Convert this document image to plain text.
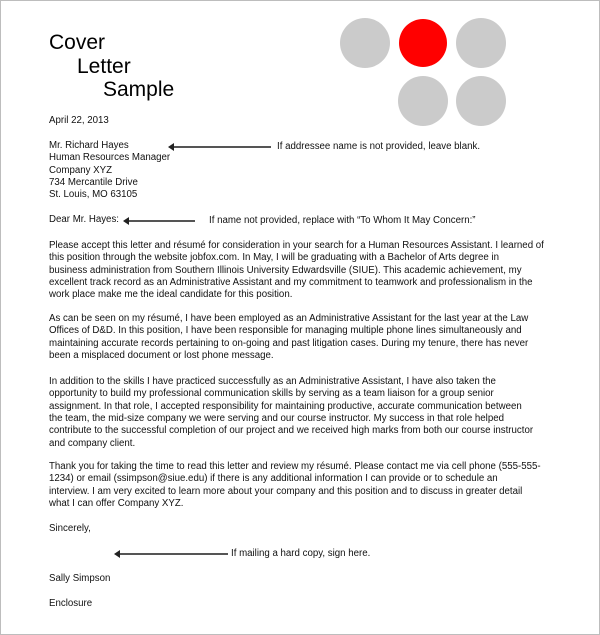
Cover
Letter
Sample
April 22, 2013
If addressee name is not provided, leave blank.
Dear Mr. Hayes:	If name not provided, replace with “To Whom It May Concern:”
Sincerely,
If mailing a hard copy, sign here.
Sally Simpson
Enclosure
Mr. Richard Hayes
Human Resources Manager
Company XYZ
734 Mercantile Drive
St. Louis, MO 63105
Please accept this letter and résumé for consideration in your search for a Human Resources Assistant. I learned of
this position through the website jobfox.com. In May, I will be graduating with a Bachelor of Arts degree in
business administration from Southern Illinois University Edwardsville (SIUE). This academic achievement, my
excellent track record as an Administrative Assistant and my commitment to teamwork and professionalism in the
work place make me the ideal candidate for this position.
As can be seen on my résumé, I have been employed as an Administrative Assistant for the last year at the Law
Offices of D&D. In this position, I have been responsible for managing multiple phone lines simultaneously and
maintaining accurate records pertaining to on-going and past litigation cases. During my tenure, there has never
been a misplaced document or lost phone message.
In addition to the skills I have practiced successfully as an Administrative Assistant, I have also taken the
opportunity to build my professional communication skills by serving as a team liaison for a group senior
assignment. In that role, I accepted responsibility for maintaining productive, accurate communication between
the team, the mid-size company we were serving and our course instructor. My success in that role helped
contribute to the successful completion of our project and we received high marks from both our course instructor
and company client.
Thank you for taking the time to read this letter and review my résumé. Please contact me via cell phone (555-555-
1234) or email (ssimpson@siue.edu) if there is any additional information I can provide or to schedule an
interview. I am very excited to learn more about your company and this position and to discuss in greater detail
what I can offer Company XYZ.
